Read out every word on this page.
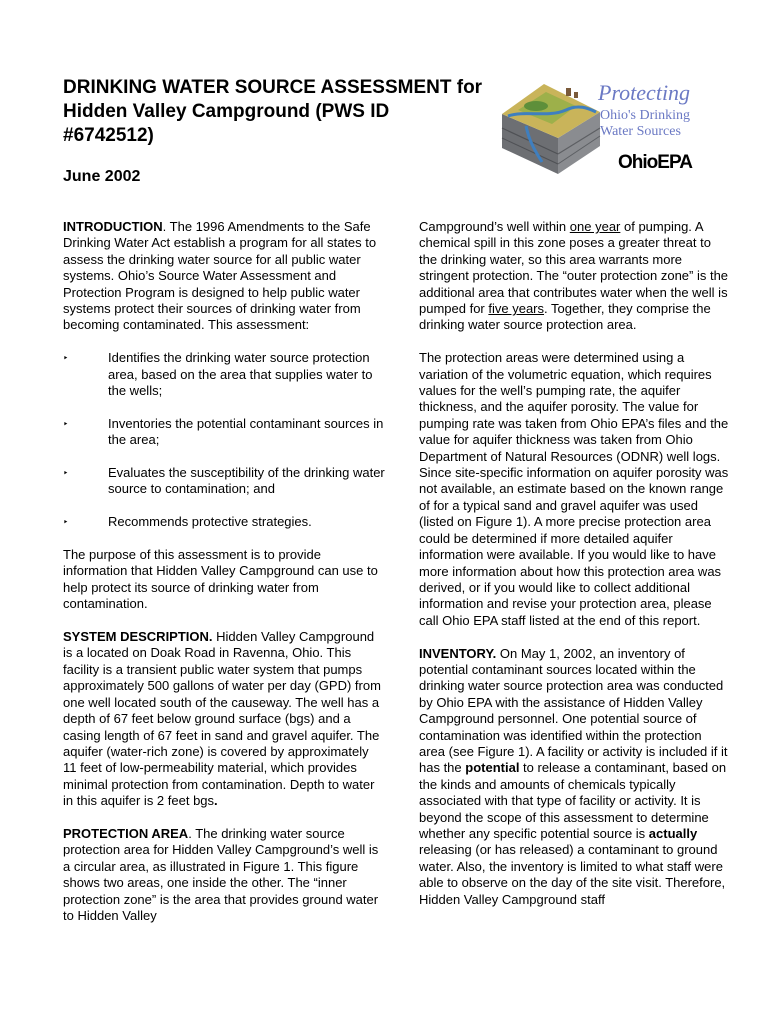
DRINKING WATER SOURCE ASSESSMENT for Hidden Valley Campground (PWS ID #6742512)

June 2002

Protecting
Ohio's Drinking
Water Sources
OhioEPA

INTRODUCTION. The 1996 Amendments to the Safe Drinking Water Act establish a program for all states to assess the drinking water source for all public water systems. Ohio’s Source Water Assessment and Protection Program is designed to help public water systems protect their sources of drinking water from becoming contaminated. This assessment:

‣	Identifies the drinking water source protection area, based on the area that supplies water to the wells;
‣	Inventories the potential contaminant sources in the area;
‣	Evaluates the susceptibility of the drinking water source to contamination; and
‣	Recommends protective strategies.

The purpose of this assessment is to provide information that Hidden Valley Campground can use to help protect its source of drinking water from contamination.

SYSTEM DESCRIPTION. Hidden Valley Campground is a located on Doak Road in Ravenna, Ohio. This facility is a transient public water system that pumps approximately 500 gallons of water per day (GPD) from one well located south of the causeway. The well has a depth of 67 feet below ground surface (bgs) and a casing length of 67 feet in sand and gravel aquifer. The aquifer (water-rich zone) is covered by approximately 11 feet of low-permeability material, which provides minimal protection from contamination. Depth to water in this aquifer is 2 feet bgs.

PROTECTION AREA. The drinking water source protection area for Hidden Valley Campground’s well is a circular area, as illustrated in Figure 1. This figure shows two areas, one inside the other. The “inner protection zone” is the area that provides ground water to Hidden Valley

Campground’s well within one year of pumping. A chemical spill in this zone poses a greater threat to the drinking water, so this area warrants more stringent protection. The “outer protection zone” is the additional area that contributes water when the well is pumped for five years. Together, they comprise the drinking water source protection area.

The protection areas were determined using a variation of the volumetric equation, which requires values for the well’s pumping rate, the aquifer thickness, and the aquifer porosity. The value for pumping rate was taken from Ohio EPA’s files and the value for aquifer thickness was taken from Ohio Department of Natural Resources (ODNR) well logs. Since site-specific information on aquifer porosity was not available, an estimate based on the known range of for a typical sand and gravel aquifer was used (listed on Figure 1). A more precise protection area could be determined if more detailed aquifer information were available. If you would like to have more information about how this protection area was derived, or if you would like to collect additional information and revise your protection area, please call Ohio EPA staff listed at the end of this report.

INVENTORY. On May 1, 2002, an inventory of potential contaminant sources located within the drinking water source protection area was conducted by Ohio EPA with the assistance of Hidden Valley Campground personnel. One potential source of contamination was identified within the protection area (see Figure 1). A facility or activity is included if it has the potential to release a contaminant, based on the kinds and amounts of chemicals typically associated with that type of facility or activity. It is beyond the scope of this assessment to determine whether any specific potential source is actually releasing (or has released) a contaminant to ground water. Also, the inventory is limited to what staff were able to observe on the day of the site visit. Therefore, Hidden Valley Campground staff
